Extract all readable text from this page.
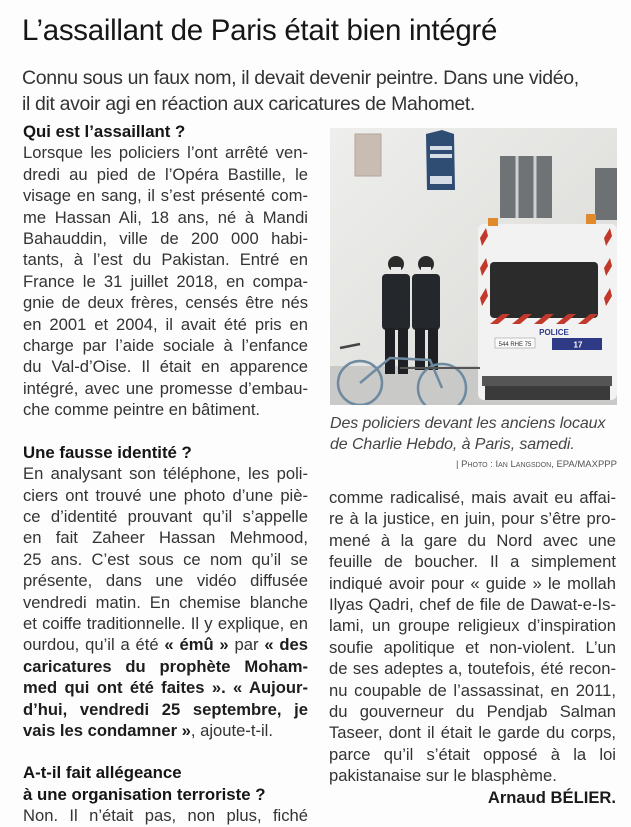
L’assaillant de Paris était bien intégré

Connu sous un faux nom, il devait devenir peintre. Dans une vidéo,
il dit avoir agi en réaction aux caricatures de Mahomet.

Qui est l’assaillant ?
Lorsque les policiers l’ont arrêté ven-
dredi au pied de l’Opéra Bastille, le
visage en sang, il s’est présenté com-
me Hassan Ali, 18 ans, né à Mandi
Bahauddin, ville de 200 000 habi-
tants, à l’est du Pakistan. Entré en
France le 31 juillet 2018, en compa-
gnie de deux frères, censés être nés
en 2001 et 2004, il avait été pris en
charge par l’aide sociale à l’enfance
du Val-d’Oise. Il était en apparence
intégré, avec une promesse d’embau-
che comme peintre en bâtiment.
Une fausse identité ?
En analysant son téléphone, les poli-
ciers ont trouvé une photo d’une piè-
ce d’identité prouvant qu’il s’appelle
en fait Zaheer Hassan Mehmood,
25 ans. C’est sous ce nom qu’il se
présente, dans une vidéo diffusée
vendredi matin. En chemise blanche
et coiffe traditionnelle. Il y explique, en
ourdou, qu’il a été « émû » par « des
caricatures du prophète Moham-
med qui ont été faites ». « Aujour-
d’hui, vendredi 25 septembre, je
vais les condamner », ajoute-t-il.
A-t-il fait allégeance
à une organisation terroriste ?
Non. Il n’était pas, non plus, fiché
POLICE
544 RHE 75	17

Des policiers devant les anciens locaux
de Charlie Hebdo, à Paris, samedi.

| Photo : Ian Langsdon, EPA/MAXPPP
comme radicalisé, mais avait eu affai-
re à la justice, en juin, pour s’être pro-
mené à la gare du Nord avec une
feuille de boucher. Il a simplement
indiqué avoir pour « guide » le mollah
Ilyas Qadri, chef de file de Dawat-e-Is-
lami, un groupe religieux d’inspiration
soufie apolitique et non-violent. L’un
de ses adeptes a, toutefois, été recon-
nu coupable de l’assassinat, en 2011,
du gouverneur du Pendjab Salman
Taseer, dont il était le garde du corps,
parce qu’il s’était opposé à la loi
pakistanaise sur le blasphème.
Arnaud BÉLIER.
